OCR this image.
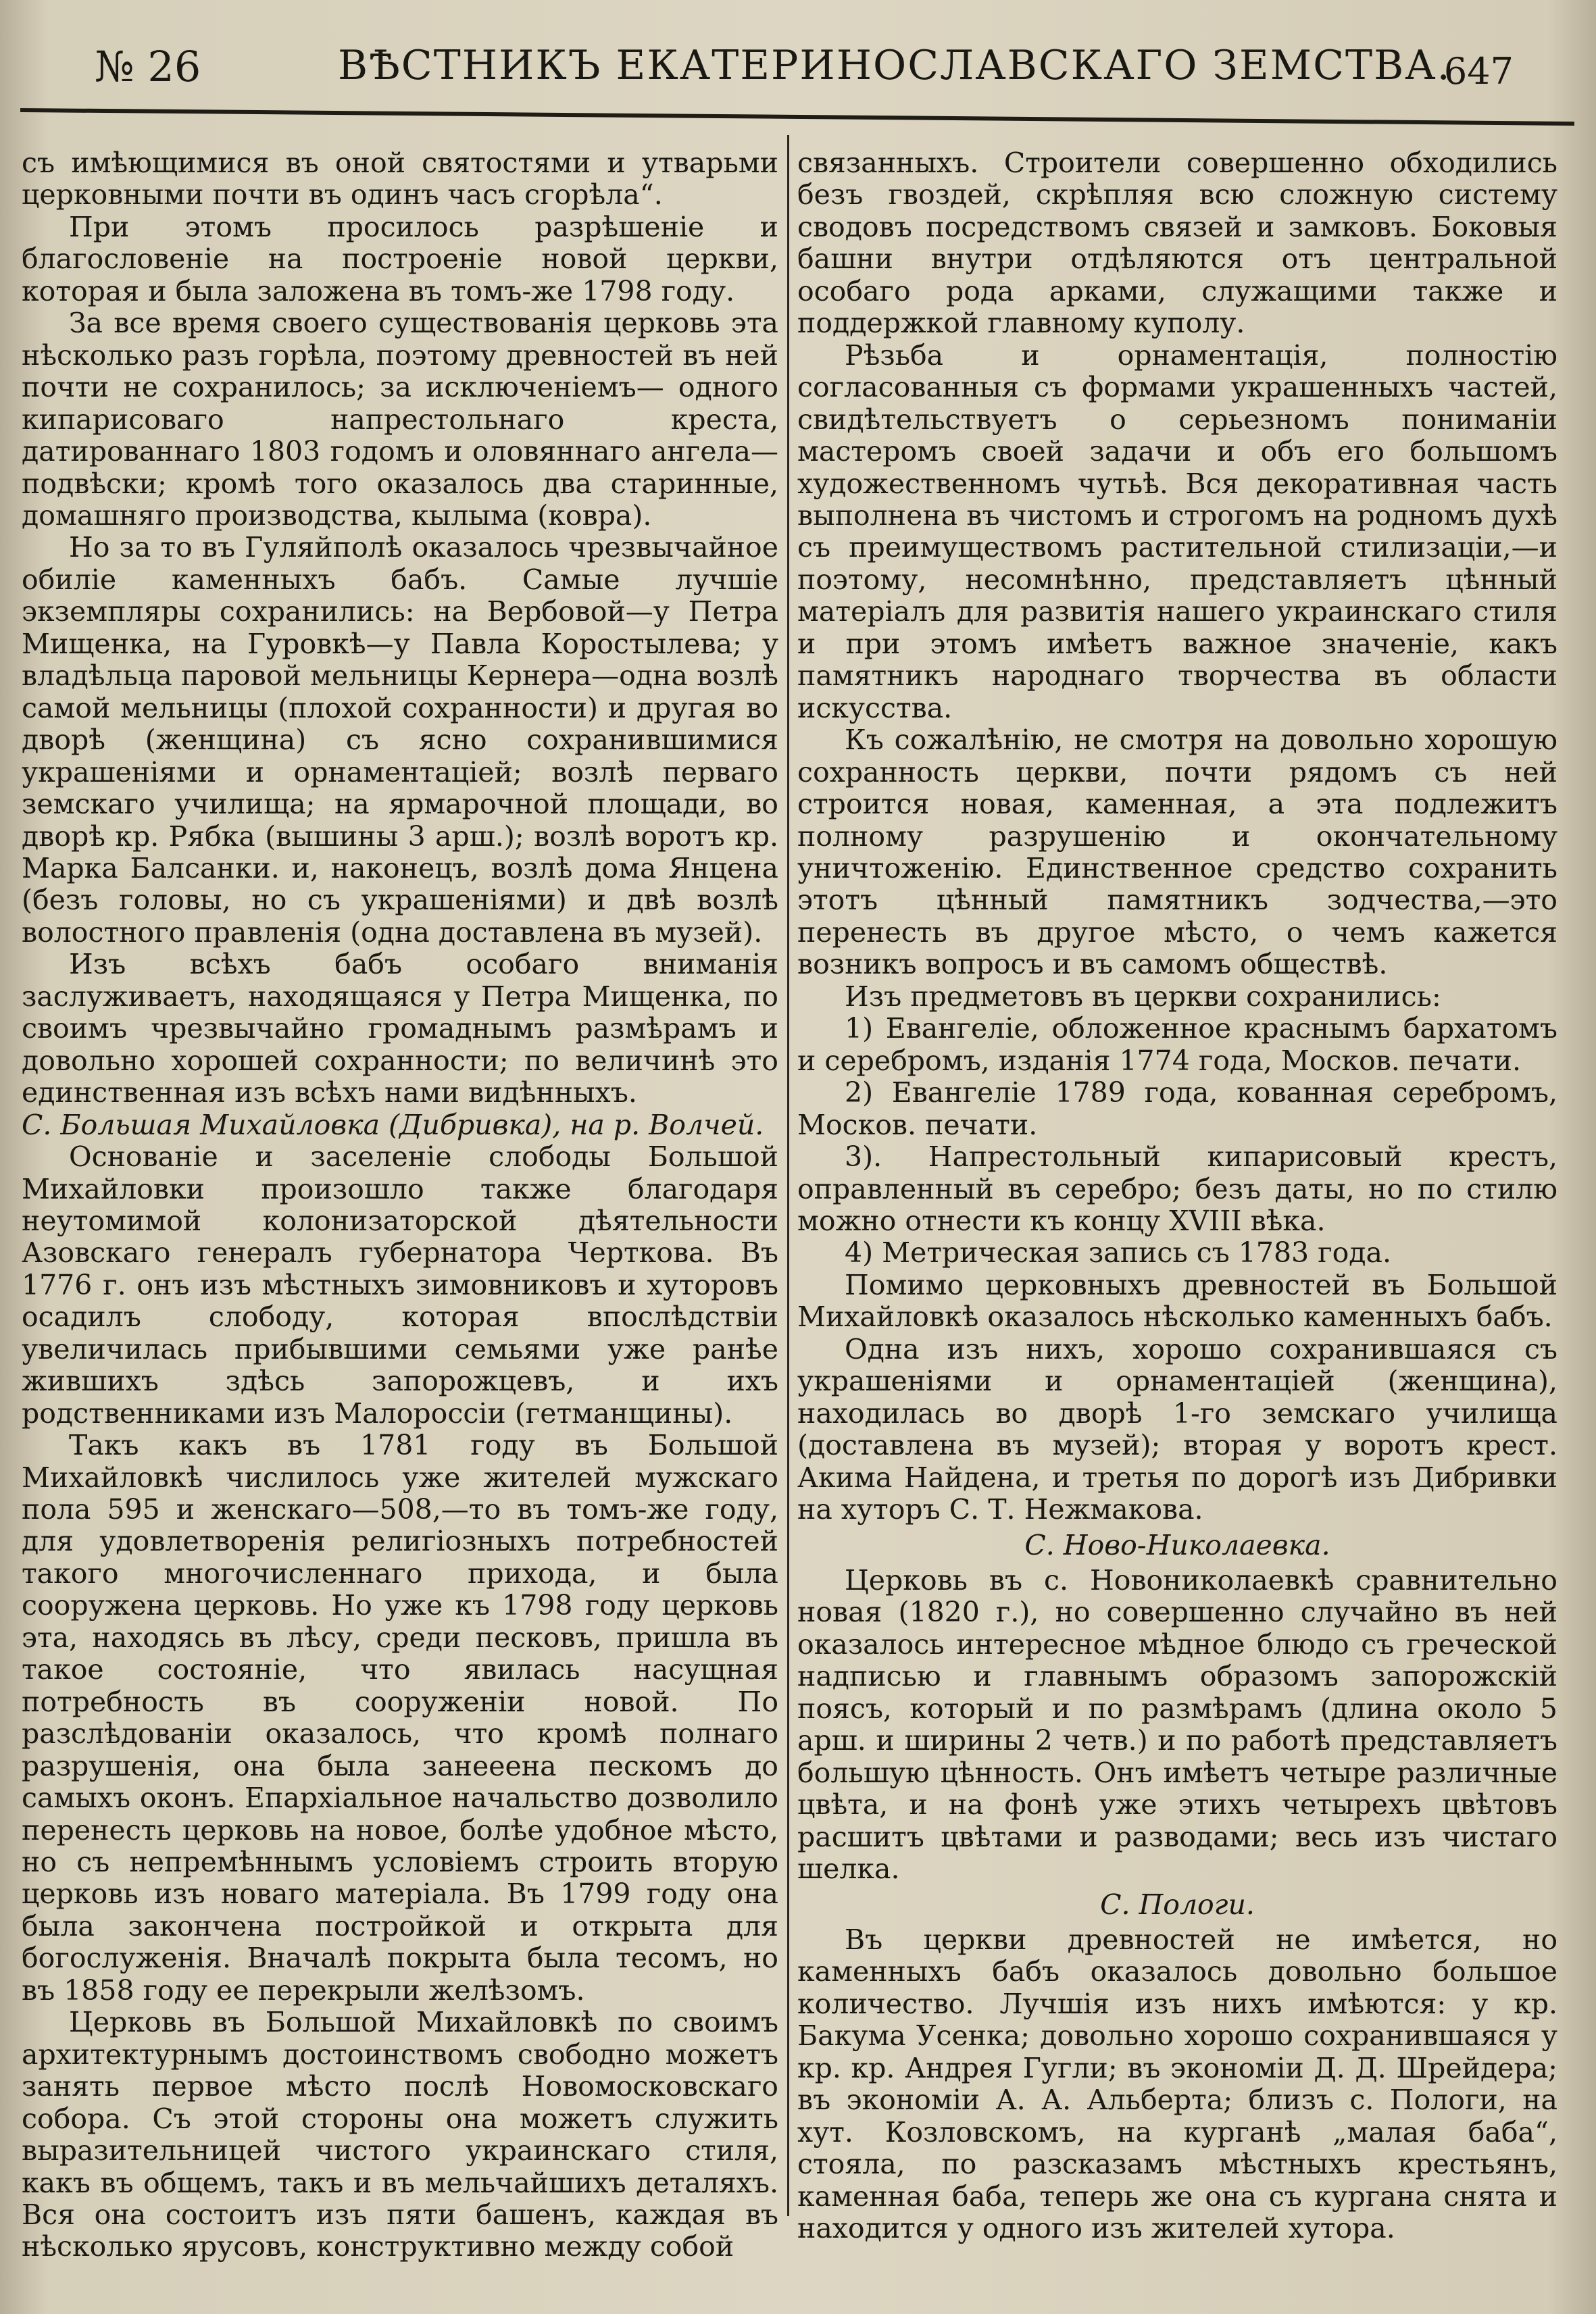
№ 26	ВѢСТНИКЪ ЕКАТЕРИНОСЛАВСКАГО ЗЕМСТВА.
647

съ имѣющимися въ оной святостями и утварьми церковными почти въ одинъ часъ сгорѣла“.

При этомъ просилось разрѣшеніе и благословеніе на построеніе новой церкви, которая и была заложена въ томъ-же 1798 году.

За все время своего существованія церковь эта нѣсколько разъ горѣла, поэтому древностей въ ней почти не сохранилось; за исключеніемъ— одного кипарисоваго напрестольнаго креста, датированнаго 1803 годомъ и оловяннаго ангела—подвѣски; кромѣ того оказалось два старинные, домашняго производства, кылыма (ковра).

Но за то въ Гуляйполѣ оказалось чрезвычайное обиліе каменныхъ бабъ. Самые лучшіе экземпляры сохранились: на Вербовой—у Петра Мищенка, на Гуровкѣ—у Павла Коростылева; у владѣльца паровой мельницы Кернера—одна возлѣ самой мельницы (плохой сохранности) и другая во дворѣ (женщина) съ ясно сохранившимися украшеніями и орнаментаціей; возлѣ перваго земскаго училища; на ярмарочной площади, во дворѣ кр. Рябка (вышины 3 арш.); возлѣ воротъ кр. Марка Балсанки. и, наконецъ, возлѣ дома Янцена (безъ головы, но съ украшеніями) и двѣ возлѣ волостного правленія (одна доставлена въ музей).

Изъ всѣхъ бабъ особаго вниманія заслуживаетъ, находящаяся у Петра Мищенка, по своимъ чрезвычайно громаднымъ размѣрамъ и довольно хорошей сохранности; по величинѣ это единственная изъ всѣхъ нами видѣнныхъ.

С. Большая Михайловка (Дибривка), на р. Волчей.

Основаніе и заселеніе слободы Большой Михайловки произошло также благодаря неутомимой колонизаторской дѣятельности Азовскаго генералъ губернатора Черткова. Въ 1776 г. онъ изъ мѣстныхъ зимовниковъ и хуторовъ осадилъ слободу, которая впослѣдствіи увеличилась прибывшими семьями уже ранѣе жившихъ здѣсь запорожцевъ, и ихъ родственниками изъ Малороссіи (гетманщины).

Такъ какъ въ 1781 году въ Большой Михайловкѣ числилось уже жителей мужскаго пола 595 и женскаго—508,—то въ томъ-же году, для удовлетворенія религіозныхъ потребностей такого многочисленнаго прихода, и была сооружена церковь. Но уже къ 1798 году церковь эта, находясь въ лѣсу, среди песковъ, пришла въ такое состояніе, что явилась насущная потребность въ сооруженіи новой. По разслѣдованіи оказалось, что кромѣ полнаго разрушенія, она была занеeена пескомъ до самыхъ оконъ. Епархіальное начальство дозволило перенесть церковь на новое, болѣе удобное мѣсто, но съ непремѣннымъ условіемъ строить вторую церковь изъ новаго матеріала. Въ 1799 году она была закончена постройкой и открыта для богослуженія. Вначалѣ покрыта была тесомъ, но въ 1858 году ее перекрыли желѣзомъ.

Церковь въ Большой Михайловкѣ по своимъ архитектурнымъ достоинствомъ свободно можетъ занять первое мѣсто послѣ Новомосковскаго собора. Съ этой стороны она можетъ служить выразительницей чистого украинскаго стиля, какъ въ общемъ, такъ и въ мельчайшихъ деталяхъ. Вся она состоитъ изъ пяти башенъ, каждая въ нѣсколько ярусовъ, конструктивно между собой

связанныхъ. Строители совершенно обходились безъ гвоздей, скрѣпляя всю сложную систему сводовъ посредствомъ связей и замковъ. Боковыя башни внутри отдѣляются отъ центральной особаго рода арками, служащими также и поддержкой главному куполу.

Рѣзьба и орнаментація, полностію согласованныя съ формами украшенныхъ частей, свидѣтельствуетъ о серьезномъ пониманіи мастеромъ своей задачи и объ его большомъ художественномъ чутьѣ. Вся декоративная часть выполнена въ чистомъ и строгомъ на родномъ духѣ съ преимуществомъ растительной стилизаціи,—и поэтому, несомнѣнно, представляетъ цѣнный матеріалъ для развитія нашего украинскаго стиля и при этомъ имѣетъ важное значеніе, какъ памятникъ народнаго творчества въ области искусства.

Къ сожалѣнію, не смотря на довольно хорошую сохранность церкви, почти рядомъ съ ней строится новая, каменная, а эта подлежитъ полному разрушенію и окончательному уничтоженію. Единственное средство сохранить этотъ цѣнный памятникъ зодчества,—это перенесть въ другое мѣсто, о чемъ кажется возникъ вопросъ и въ самомъ обществѣ.

Изъ предметовъ въ церкви сохранились:

1) Евангеліе, обложенное краснымъ бархатомъ и серебромъ, изданія 1774 года, Москов. печати.

2) Евангеліе 1789 года, кованная серебромъ, Москов. печати.

3). Напрестольный кипарисовый крестъ, оправленный въ серебро; безъ даты, но по стилю можно отнести къ концу XVIII вѣка.

4) Метрическая запись съ 1783 года.

Помимо церковныхъ древностей въ Большой Михайловкѣ оказалось нѣсколько каменныхъ бабъ.

Одна изъ нихъ, хорошо сохранившаяся съ украшеніями и орнаментаціей (женщина), находилась во дворѣ 1-го земскаго училища (доставлена въ музей); вторая у воротъ крест. Акима Найдена, и третья по дорогѣ изъ Дибривки на хуторъ С. Т. Нежмакова.

С. Ново-Николаевка.

Церковь въ с. Новониколаевкѣ сравнительно новая (1820 г.), но совершенно случайно въ ней оказалось интересное мѣдное блюдо съ греческой надписью и главнымъ образомъ запорожскій поясъ, который и по размѣрамъ (длина около 5 арш. и ширины 2 четв.) и по работѣ представляетъ большую цѣнность. Онъ имѣетъ четыре различные цвѣта, и на фонѣ уже этихъ четырехъ цвѣтовъ расшитъ цвѣтами и разводами; весь изъ чистаго шелка.

С. Пологи.

Въ церкви древностей не имѣется, но каменныхъ бабъ оказалось довольно большое количество. Лучшія изъ нихъ имѣются: у кр. Бакума Усенка; довольно хорошо сохранившаяся у кр. кр. Андрея Гугли; въ экономіи Д. Д. Шрейдера; въ экономіи А. А. Альберта; близъ с. Пологи, на хут. Козловскомъ, на курганѣ „малая баба“, стояла, по разсказамъ мѣстныхъ крестьянъ, каменная баба, теперь же она съ кургана снята и находится у одного изъ жителей хутора.
